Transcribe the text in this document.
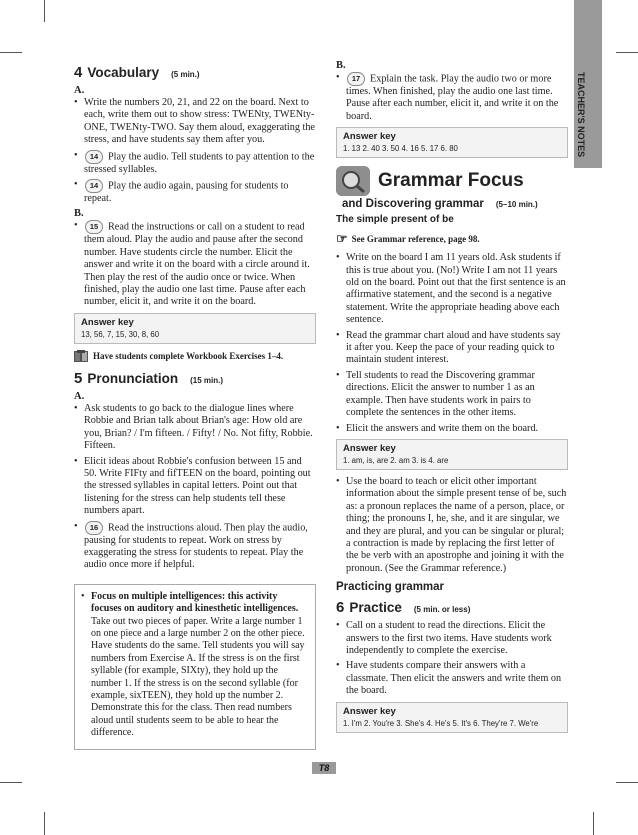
TEACHER'S NOTES
4 Vocabulary (5 min.)
A.

• Write the numbers 20, 21, and 22 on the board. Next to each, write them out to show stress: TWENty, TWENty-ONE, TWENty-TWO. Say them aloud, exaggerating the stress, and have students say them after you.

• 14 Play the audio. Tell students to pay attention to the stressed syllables.

• 14 Play the audio again, pausing for students to repeat.

B.

• 15 Read the instructions or call on a student to read them aloud. Play the audio and pause after the second number. Have students circle the number. Elicit the answer and write it on the board with a circle around it. Then play the rest of the audio once or twice. When finished, play the audio one last time. Pause after each number, elicit it, and write it on the board.

Answer key
13, 56, 7, 15, 30, 8, 60
Have students complete Workbook Exercises 1–4.
5 Pronunciation (15 min.)
A.

• Ask students to go back to the dialogue lines where Robbie and Brian talk about Brian's age: How old are you, Brian? / I'm fifteen. / Fifty! / No. Not fifty, Robbie. Fifteen.

• Elicit ideas about Robbie's confusion between 15 and 50. Write FIFty and fifTEEN on the board, pointing out the stressed syllables in capital letters. Point out that listening for the stress can help students tell these numbers apart.

• 16 Read the instructions aloud. Then play the audio, pausing for students to repeat. Work on stress by exaggerating the stress for students to repeat. Play the audio once more if helpful.

• Focus on multiple intelligences: this activity focuses on auditory and kinesthetic intelligences. Take out two pieces of paper. Write a large number 1 on one piece and a large number 2 on the other piece. Have students do the same. Tell students you will say numbers from Exercise A. If the stress is on the first syllable (for example, SIXty), they hold up the number 1. If the stress is on the second syllable (for example, sixTEEN), they hold up the number 2. Demonstrate this for the class. Then read numbers aloud until students seem to be able to hear the difference.

B.

• 17 Explain the task. Play the audio two or more times. When finished, play the audio one last time. Pause after each number, elicit it, and write it on the board.

Answer key
1. 13 2. 40 3. 50 4. 16 5. 17 6. 80
Grammar Focus
and Discovering grammar (5–10 min.)
The simple present of be
☞ See Grammar reference, page 98.

• Write on the board I am 11 years old. Ask students if this is true about you. (No!) Write I am not 11 years old on the board. Point out that the first sentence is an affirmative statement, and the second is a negative statement. Write the appropriate heading above each sentence.

• Read the grammar chart aloud and have students say it after you. Keep the pace of your reading quick to maintain student interest.

• Tell students to read the Discovering grammar directions. Elicit the answer to number 1 as an example. Then have students work in pairs to complete the sentences in the other items.

• Elicit the answers and write them on the board.

Answer key
1. am, is, are 2. am 3. is 4. are

• Use the board to teach or elicit other important information about the simple present tense of be, such as: a pronoun replaces the name of a person, place, or thing; the pronouns I, he, she, and it are singular, we and they are plural, and you can be singular or plural; a contraction is made by replacing the first letter of the be verb with an apostrophe and joining it with the pronoun. (See the Grammar reference.)

Practicing grammar
6 Practice (5 min. or less)

• Call on a student to read the directions. Elicit the answers to the first two items. Have students work independently to complete the exercise.

• Have students compare their answers with a classmate. Then elicit the answers and write them on the board.

Answer key
1. I'm 2. You're 3. She's 4. He's 5. It's 6. They're 7. We're
T8
